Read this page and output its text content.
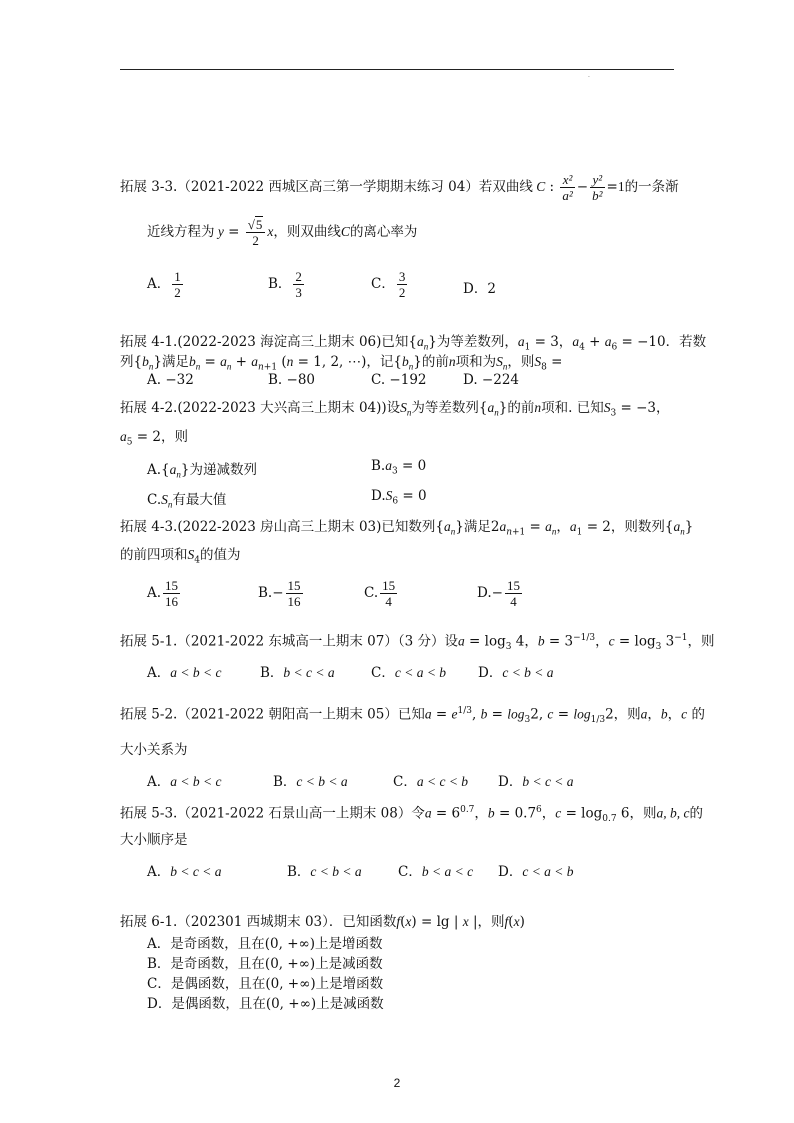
·
拓展 3-3.（2021-2022 西城区高三第一学期期末练习 04）若双曲线 C : $\frac{\text{x²}}{\text{a²}} - \frac{\text{y²}}{\text{b²}} =1$的一条渐
近线方程为 $y = \frac{√5}{2}$ x，则双曲线C的离心率为
A． $\frac{1}{2}$	B． $\frac{2}{3}$	C． $\frac{3}{2}$	D．2
拓展 4-1.(2022-2023 海淀高三上期末 06)已知$\{a_n\}$为等差数列，$a_1 = 3$，$a_4 + a_6 = -10$．若数
列$\{b_n\}$满足$b_n = a_n + a_{n+1}$ (n = 1, 2, ⋯)，记$\{b_n\}$的前n项和为$S_n$，则$S_8$ =
A. −32	B. −80	C. −192	D. −224
拓展 4-2.(2022-2023 大兴高三上期末 04))设$S_n$为等差数列$\{a_n\}$的前n项和. 已知$S_3 = -3$，
$a_5 = 2$，则
$A.\{a_n\}$为递减数列	$B.a_3 = 0$
$C.S_n$有最大值	$D.S_6 = 0$
拓展 4-3.(2022-2023 房山高三上期末 03)已知数列$\{a_n\}$满足$2a_{n+1} = a_n$，$a_1 = 2$，则数列$\{a_n\}$
的前四项和$S_4$的值为
A. $\frac{15}{16}$	$B.- \frac{15}{16}$	C. $\frac{15}{4}$	$D.- \frac{15}{4}$
拓展 5-1.（2021-2022 东城高一上期末 07）（3 分）设$a = \log_3 4$，$b = 3^{-1/3}$，$c = \log_3 3^{-1}$，则
A．a < b < c	B．b < c < a	C．c < a < b D．c < b < a
拓展 5-2.（2021-2022 朝阳高一上期末 05）已知$a = e^{1/3}$, $b = \log_32$, $c = \log_{1/3}2$，则a，b，c 的
大小关系为
A．a < b < c	B．c < b < a	C．a < c < b D．b < c < a
拓展 5-3.（2021-2022 石景山高一上期末 08）令$a = 6^{0.7}$，$b = 0.7^6$，$c = \log_{0.7} 6$，则a, b, c的
大小顺序是
A．b < c < a	B．c < b < a	C．b < a < c D．c < a < b
拓展 6-1.（202301 西城期末 03）．已知函数f(x) = lg | x |，则f(x)
A．是奇函数，且在(0, +∞)上是增函数
B．是奇函数，且在(0, +∞)上是减函数
C．是偶函数，且在(0, +∞)上是增函数
D．是偶函数，且在(0, +∞)上是减函数
2
